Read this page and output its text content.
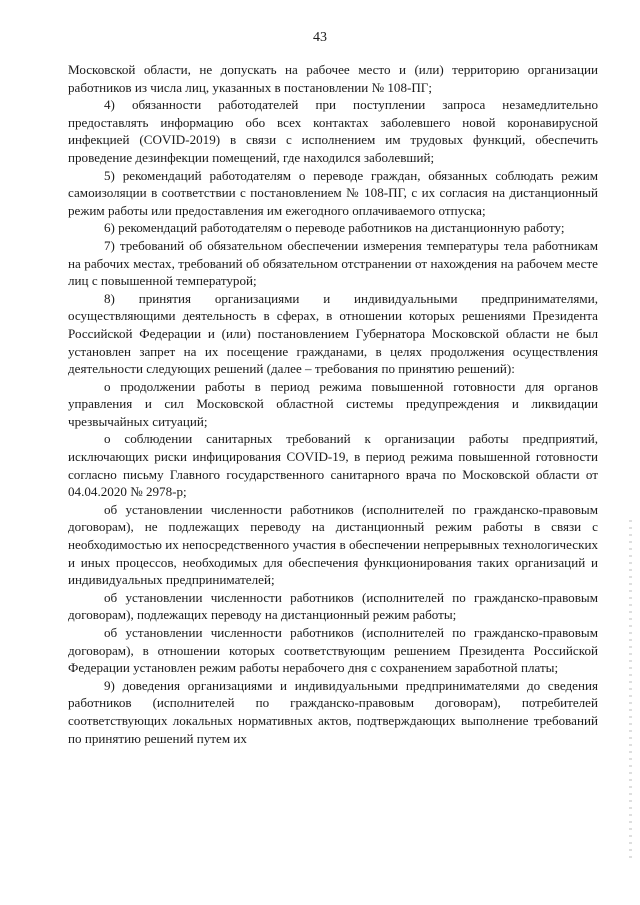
43

Московской области, не допускать на рабочее место и (или) территорию организации работников из числа лиц, указанных в постановлении № 108-ПГ;

4) обязанности работодателей при поступлении запроса незамедлительно предоставлять информацию обо всех контактах заболевшего новой коронавирусной инфекцией (COVID-2019) в связи с исполнением им трудовых функций, обеспечить проведение дезинфекции помещений, где находился заболевший;

5) рекомендаций работодателям о переводе граждан, обязанных соблюдать режим самоизоляции в соответствии с постановлением № 108-ПГ, с их согласия на дистанционный режим работы или предоставления им ежегодного оплачиваемого отпуска;

6) рекомендаций работодателям о переводе работников на дистанционную работу;

7) требований об обязательном обеспечении измерения температуры тела работникам на рабочих местах, требований об обязательном отстранении от нахождения на рабочем месте лиц с повышенной температурой;

8) принятия организациями и индивидуальными предпринимателями, осуществляющими деятельность в сферах, в отношении которых решениями Президента Российской Федерации и (или) постановлением Губернатора Московской области не был установлен запрет на их посещение гражданами, в целях продолжения осуществления деятельности следующих решений (далее – требования по принятию решений):

о продолжении работы в период режима повышенной готовности для органов управления и сил Московской областной системы предупреждения и ликвидации чрезвычайных ситуаций;

о соблюдении санитарных требований к организации работы предприятий, исключающих риски инфицирования COVID-19, в период режима повышенной готовности согласно письму Главного государственного санитарного врача по Московской области от 04.04.2020 № 2978-р;

об установлении численности работников (исполнителей по гражданско-правовым договорам), не подлежащих переводу на дистанционный режим работы в связи с необходимостью их непосредственного участия в обеспечении непрерывных технологических и иных процессов, необходимых для обеспечения функционирования таких организаций и индивидуальных предпринимателей;

об установлении численности работников (исполнителей по гражданско-правовым договорам), подлежащих переводу на дистанционный режим работы;

об установлении численности работников (исполнителей по гражданско-правовым договорам), в отношении которых соответствующим решением Президента Российской Федерации установлен режим работы нерабочего дня с сохранением заработной платы;

9) доведения организациями и индивидуальными предпринимателями до сведения работников (исполнителей по гражданско-правовым договорам), потребителей соответствующих локальных нормативных актов, подтверждающих выполнение требований по принятию решений путем их
